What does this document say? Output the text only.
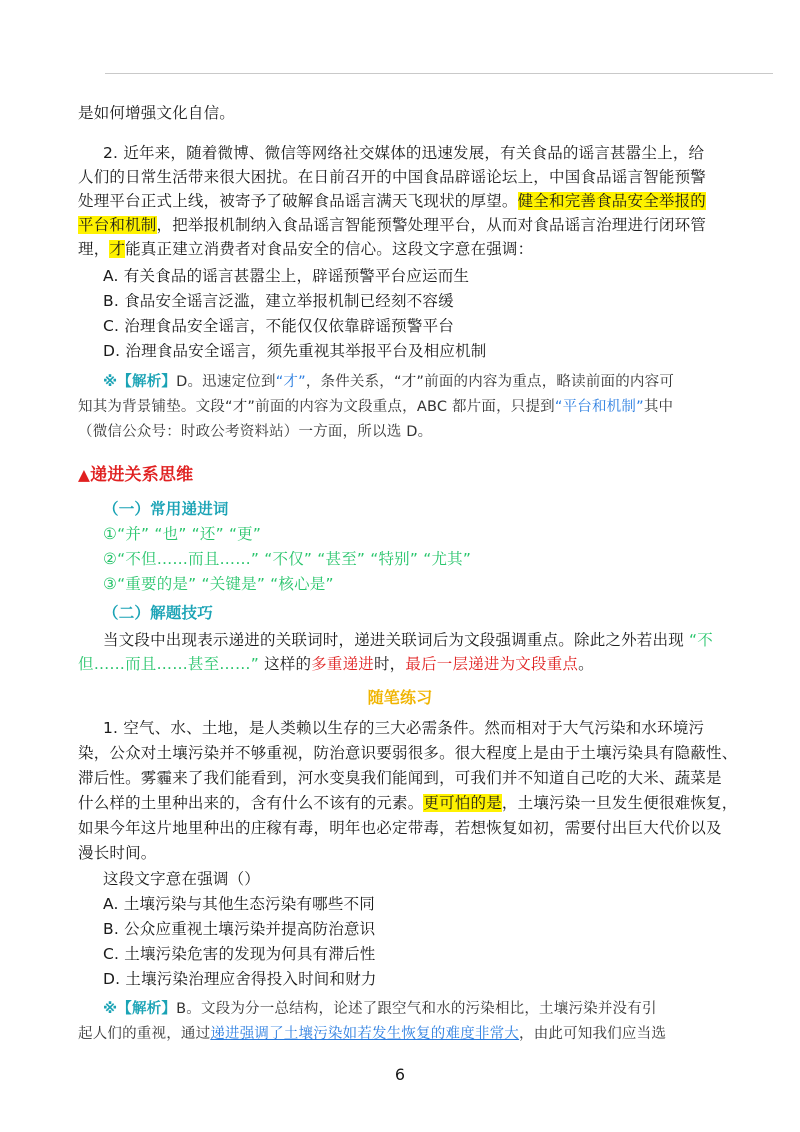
是如何增强文化自信。
2. 近年来，随着微博、微信等网络社交媒体的迅速发展，有关食品的谣言甚嚣尘上，给
人们的日常生活带来很大困扰。在日前召开的中国食品辟谣论坛上，中国食品谣言智能预警
处理平台正式上线，被寄予了破解食品谣言满天飞现状的厚望。健全和完善食品安全举报的
平台和机制，把举报机制纳入食品谣言智能预警处理平台，从而对食品谣言治理进行闭环管
理，才能真正建立消费者对食品安全的信心。这段文字意在强调：
A. 有关食品的谣言甚嚣尘上，辟谣预警平台应运而生
B. 食品安全谣言泛滥，建立举报机制已经刻不容缓
C. 治理食品安全谣言，不能仅仅依靠辟谣预警平台
D. 治理食品安全谣言，须先重视其举报平台及相应机制
※【解析】D。迅速定位到“才”，条件关系，“才”前面的内容为重点，略读前面的内容可
知其为背景铺垫。文段“才”前面的内容为文段重点，ABC 都片面，只提到“平台和机制”其中
（微信公众号：时政公考资料站）一方面，所以选 D。
▲递进关系思维
（一）常用递进词
①“并” “也” “还” “更”
②“不但……而且……” “不仅” “甚至” “特别” “尤其”
③“重要的是” “关键是” “核心是”
（二）解题技巧
当文段中出现表示递进的关联词时，递进关联词后为文段强调重点。除此之外若出现 “不
但……而且……甚至……” 这样的多重递进时，最后一层递进为文段重点。
随笔练习
1. 空气、水、土地，是人类赖以生存的三大必需条件。然而相对于大气污染和水环境污
染，公众对土壤污染并不够重视，防治意识要弱很多。很大程度上是由于土壤污染具有隐蔽性、
滞后性。雾霾来了我们能看到，河水变臭我们能闻到，可我们并不知道自己吃的大米、蔬菜是
什么样的土里种出来的，含有什么不该有的元素。更可怕的是，土壤污染一旦发生便很难恢复，
如果今年这片地里种出的庄稼有毒，明年也必定带毒，若想恢复如初，需要付出巨大代价以及
漫长时间。
这段文字意在强调（）
A. 土壤污染与其他生态污染有哪些不同
B. 公众应重视土壤污染并提高防治意识
C. 土壤污染危害的发现为何具有滞后性
D. 土壤污染治理应舍得投入时间和财力
※【解析】B。文段为分一总结构，论述了跟空气和水的污染相比，土壤污染并没有引
起人们的重视，通过递进强调了土壤污染如若发生恢复的难度非常大，由此可知我们应当选
6
